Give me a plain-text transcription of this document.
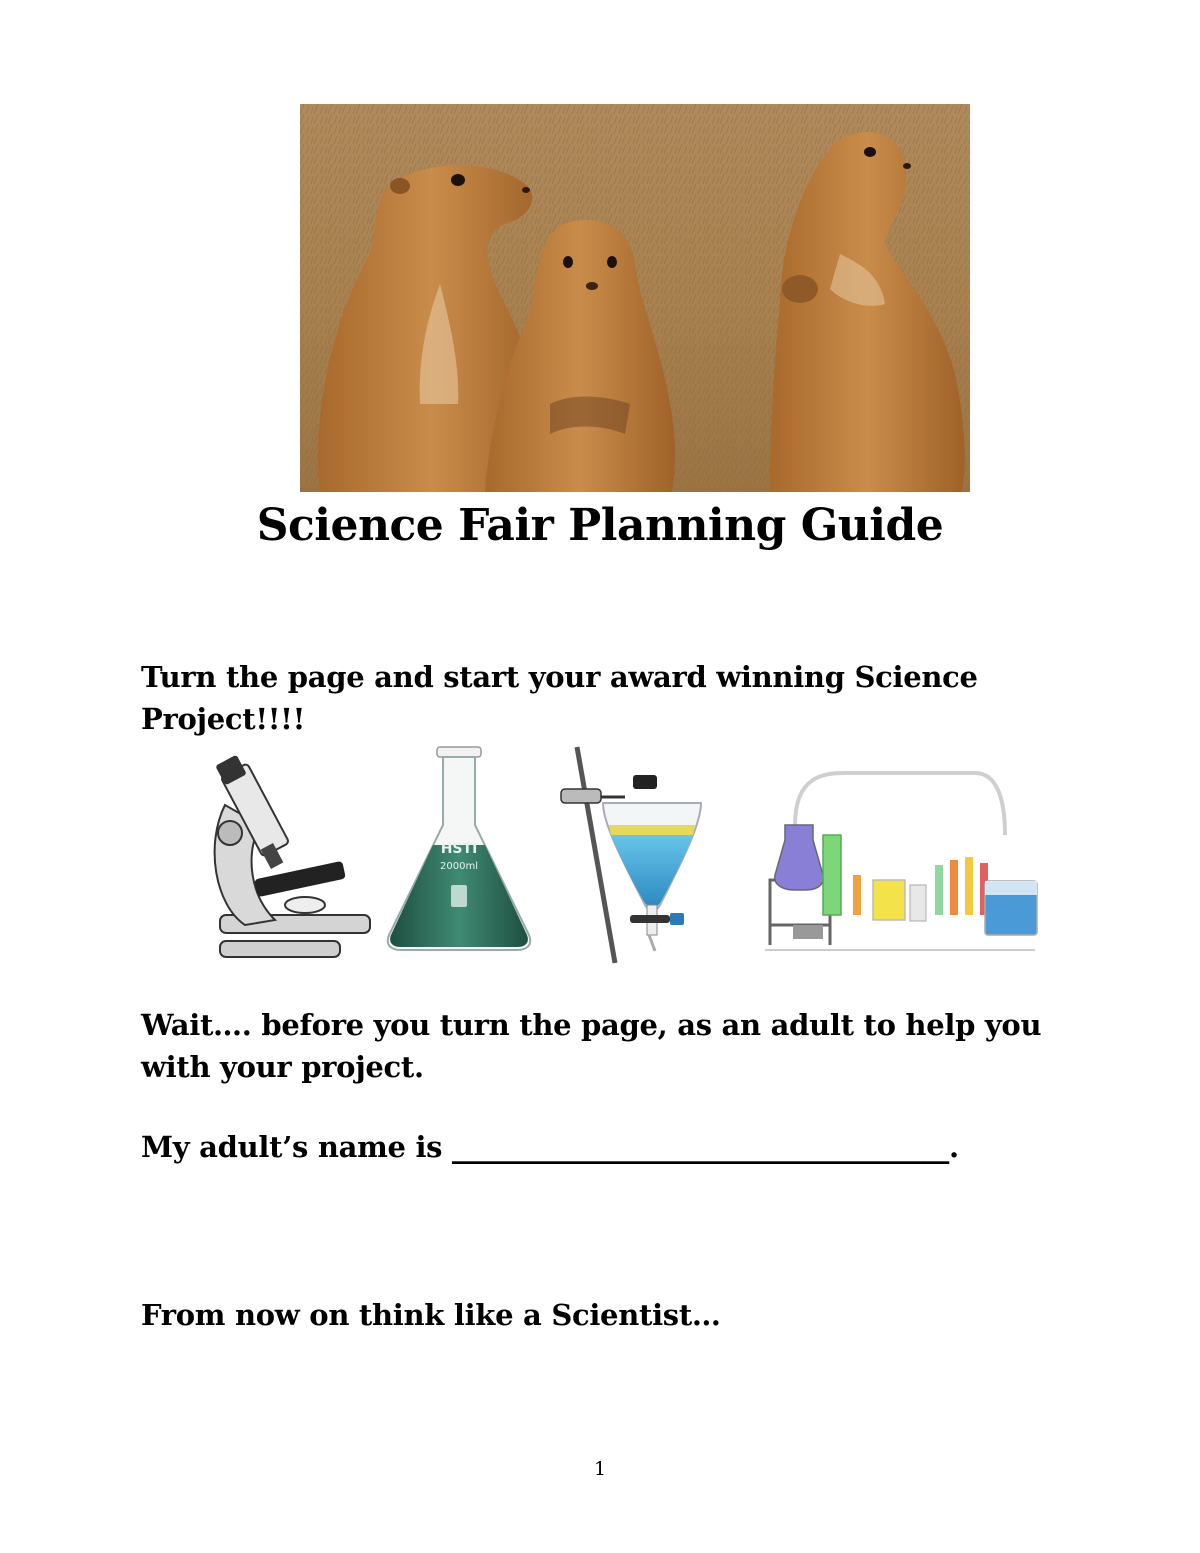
Science Fair Planning Guide
Turn the page and start your award winning Science Project!!!!
HSTI
2000ml
Wait…. before you turn the page, as an adult to help you with your project.
My adult’s name is ___________________________________.
From now on think like a Scientist…
1
